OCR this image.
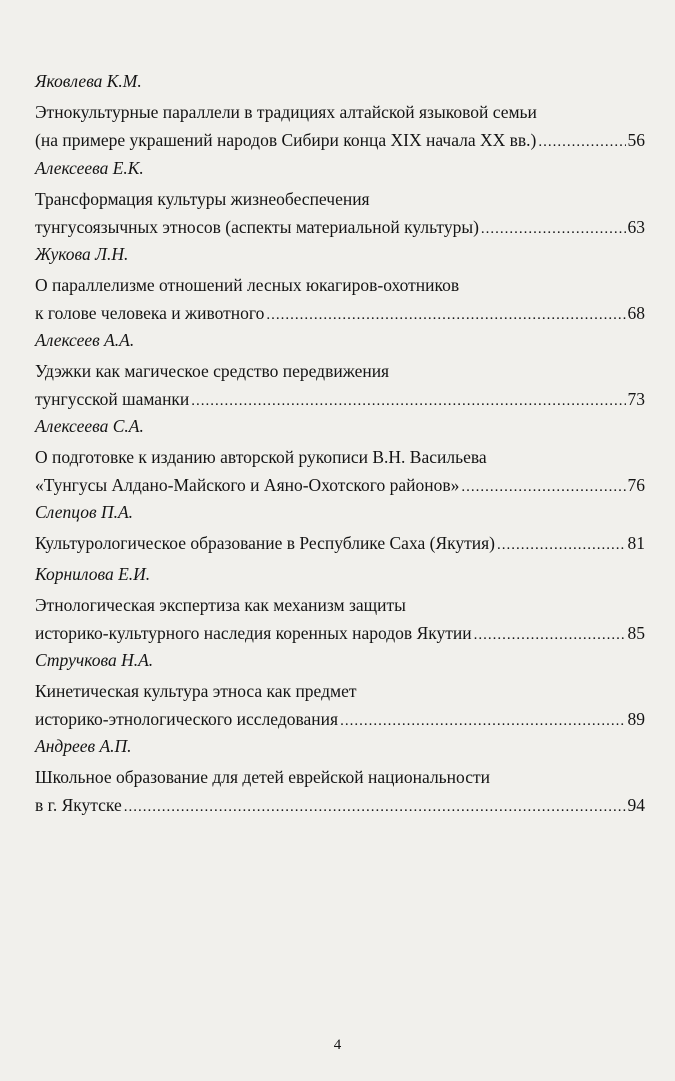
Яковлева К.М.
Этнокультурные параллели в традициях алтайской языковой семьи
(на примере украшений народов Сибири конца XIX начала XX вв.) .....	56
Алексеева Е.К.
Трансформация культуры жизнеобеспечения
тунгусоязычных этносов (аспекты материальной культуры) .....	63
Жукова Л.Н.
О параллелизме отношений лесных юкагиров-охотников
к голове человека и животного .....	68
Алексеев А.А.
Удэжки как магическое средство передвижения
тунгусской шаманки .....	73
Алексеева С.А.
О подготовке к изданию авторской рукописи В.Н. Васильева
«Тунгусы Алдано-Майского и Аяно-Охотского районов» .....	76
Слепцов П.А.
Культурологическое образование в Республике Саха (Якутия) .....	81
Корнилова Е.И.
Этнологическая экспертиза как механизм защиты
историко-культурного наследия коренных народов Якутии .....	85
Стручкова Н.А.
Кинетическая культура этноса как предмет
историко-этнологического исследования .....	89
Андреев А.П.
Школьное образование для детей еврейской национальности
в г. Якутске .....	94
4
